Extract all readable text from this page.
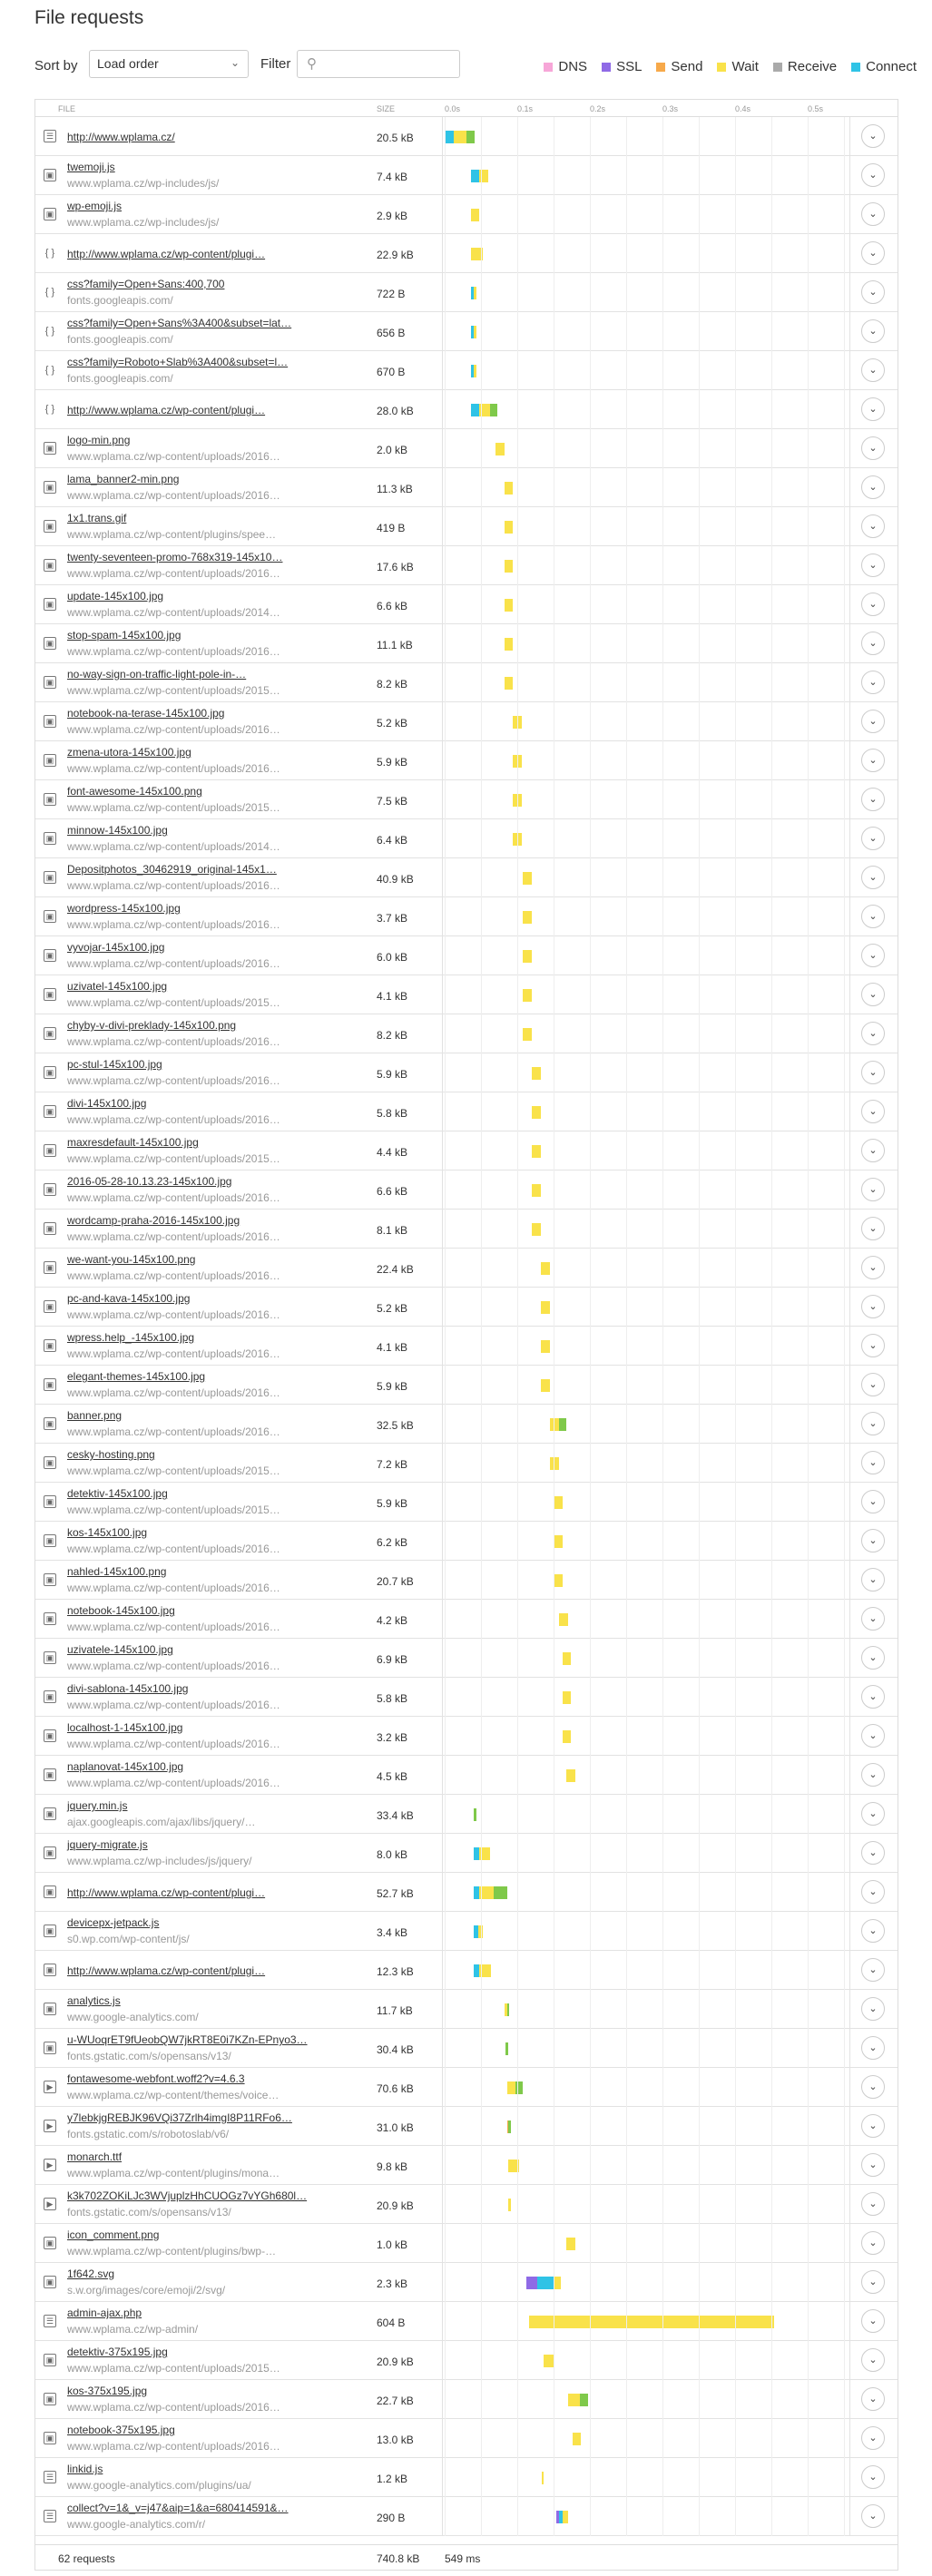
File requests
Sort by	Load order	⌄ Filter ⚲	DNS SSL Send Wait Receive Connect
FILE	SIZE	0.0s	0.1s	0.2s	0.3s	0.4s	0.5s
☰ http://www.wplama.cz/	20.5 kB	⌄
▣
twemoji.js
www.wplama.cz/wp-includes/js/	7.4 kB	⌄
▣
wp-emoji.js
www.wplama.cz/wp-includes/js/	2.9 kB	⌄
{ } http://www.wplama.cz/wp-content/plugi…	22.9 kB	⌄
{ }
css?family=Open+Sans:400,700
fonts.googleapis.com/	722 B	⌄
{ }
css?family=Open+Sans%3A400&subset=lat…
fonts.googleapis.com/	656 B	⌄
{ }
css?family=Roboto+Slab%3A400&subset=l…
fonts.googleapis.com/	670 B	⌄
{ } http://www.wplama.cz/wp-content/plugi…	28.0 kB	⌄
▣
logo-min.png
www.wplama.cz/wp-content/uploads/2016…	2.0 kB	⌄
▣
lama_banner2-min.png
www.wplama.cz/wp-content/uploads/2016…	11.3 kB	⌄
▣
1x1.trans.gif
www.wplama.cz/wp-content/plugins/spee…	419 B	⌄
▣
twenty-seventeen-promo-768x319-145x10…
www.wplama.cz/wp-content/uploads/2016…	17.6 kB	⌄
▣
update-145x100.jpg
www.wplama.cz/wp-content/uploads/2014…	6.6 kB	⌄
▣
stop-spam-145x100.jpg
www.wplama.cz/wp-content/uploads/2016…	11.1 kB	⌄
▣
no-way-sign-on-traffic-light-pole-in-…
www.wplama.cz/wp-content/uploads/2015…	8.2 kB	⌄
▣
notebook-na-terase-145x100.jpg
www.wplama.cz/wp-content/uploads/2016…	5.2 kB	⌄
▣
zmena-utora-145x100.jpg
www.wplama.cz/wp-content/uploads/2016…	5.9 kB	⌄
▣
font-awesome-145x100.png
www.wplama.cz/wp-content/uploads/2015…	7.5 kB	⌄
▣
minnow-145x100.jpg
www.wplama.cz/wp-content/uploads/2014…	6.4 kB	⌄
▣
Depositphotos_30462919_original-145x1…
www.wplama.cz/wp-content/uploads/2016…	40.9 kB	⌄
▣
wordpress-145x100.jpg
www.wplama.cz/wp-content/uploads/2016…	3.7 kB	⌄
▣
vyvojar-145x100.jpg
www.wplama.cz/wp-content/uploads/2016…	6.0 kB	⌄
▣
uzivatel-145x100.jpg
www.wplama.cz/wp-content/uploads/2015…	4.1 kB	⌄
▣
chyby-v-divi-preklady-145x100.png
www.wplama.cz/wp-content/uploads/2016…	8.2 kB	⌄
▣
pc-stul-145x100.jpg
www.wplama.cz/wp-content/uploads/2016…	5.9 kB	⌄
▣
divi-145x100.jpg
www.wplama.cz/wp-content/uploads/2016…	5.8 kB	⌄
▣
maxresdefault-145x100.jpg
www.wplama.cz/wp-content/uploads/2015…	4.4 kB	⌄
▣
2016-05-28-10.13.23-145x100.jpg
www.wplama.cz/wp-content/uploads/2016…	6.6 kB	⌄
▣
wordcamp-praha-2016-145x100.jpg
www.wplama.cz/wp-content/uploads/2016…	8.1 kB	⌄
▣
we-want-you-145x100.png
www.wplama.cz/wp-content/uploads/2016…	22.4 kB	⌄
▣
pc-and-kava-145x100.jpg
www.wplama.cz/wp-content/uploads/2016…	5.2 kB	⌄
▣
wpress.help_-145x100.jpg
www.wplama.cz/wp-content/uploads/2016…	4.1 kB	⌄
▣
elegant-themes-145x100.jpg
www.wplama.cz/wp-content/uploads/2016…	5.9 kB	⌄
▣
banner.png
www.wplama.cz/wp-content/uploads/2016…	32.5 kB	⌄
▣
cesky-hosting.png
www.wplama.cz/wp-content/uploads/2015…	7.2 kB	⌄
▣
detektiv-145x100.jpg
www.wplama.cz/wp-content/uploads/2015…	5.9 kB	⌄
▣
kos-145x100.jpg
www.wplama.cz/wp-content/uploads/2016…	6.2 kB	⌄
▣
nahled-145x100.png
www.wplama.cz/wp-content/uploads/2016…	20.7 kB	⌄
▣
notebook-145x100.jpg
www.wplama.cz/wp-content/uploads/2016…	4.2 kB	⌄
▣
uzivatele-145x100.jpg
www.wplama.cz/wp-content/uploads/2016…	6.9 kB	⌄
▣
divi-sablona-145x100.jpg
www.wplama.cz/wp-content/uploads/2016…	5.8 kB	⌄
▣
localhost-1-145x100.jpg
www.wplama.cz/wp-content/uploads/2016…	3.2 kB	⌄
▣
naplanovat-145x100.jpg
www.wplama.cz/wp-content/uploads/2016…	4.5 kB	⌄
▣
jquery.min.js
ajax.googleapis.com/ajax/libs/jquery/…	33.4 kB	⌄
▣
jquery-migrate.js
www.wplama.cz/wp-includes/js/jquery/	8.0 kB	⌄
▣ http://www.wplama.cz/wp-content/plugi…	52.7 kB	⌄
▣
devicepx-jetpack.js
s0.wp.com/wp-content/js/	3.4 kB	⌄
▣ http://www.wplama.cz/wp-content/plugi…	12.3 kB	⌄
▣
analytics.js
www.google-analytics.com/	11.7 kB	⌄
▣
u-WUoqrET9fUeobQW7jkRT8E0i7KZn-EPnyo3…
fonts.gstatic.com/s/opensans/v13/	30.4 kB	⌄
▶
fontawesome-webfont.woff2?v=4.6.3
www.wplama.cz/wp-content/themes/voice…	70.6 kB	⌄
▶
y7lebkjgREBJK96VQi37Zrlh4imgI8P11RFo6…
fonts.gstatic.com/s/robotoslab/v6/	31.0 kB	⌄
▶
monarch.ttf
www.wplama.cz/wp-content/plugins/mona…	9.8 kB	⌄
▶
k3k702ZOKiLJc3WVjuplzHhCUOGz7vYGh680l…
fonts.gstatic.com/s/opensans/v13/	20.9 kB	⌄
▣
icon_comment.png
www.wplama.cz/wp-content/plugins/bwp-…	1.0 kB	⌄
▣
1f642.svg
s.w.org/images/core/emoji/2/svg/	2.3 kB	⌄
☰
admin-ajax.php
www.wplama.cz/wp-admin/	604 B	⌄
▣
detektiv-375x195.jpg
www.wplama.cz/wp-content/uploads/2015…	20.9 kB	⌄
▣
kos-375x195.jpg
www.wplama.cz/wp-content/uploads/2016…	22.7 kB	⌄
▣
notebook-375x195.jpg
www.wplama.cz/wp-content/uploads/2016…	13.0 kB	⌄
☰
linkid.js
www.google-analytics.com/plugins/ua/	1.2 kB	⌄
☰
collect?v=1&_v=j47&aip=1&a=680414591&…
www.google-analytics.com/r/	290 B	⌄
62 requests	740.8 kB 549 ms
